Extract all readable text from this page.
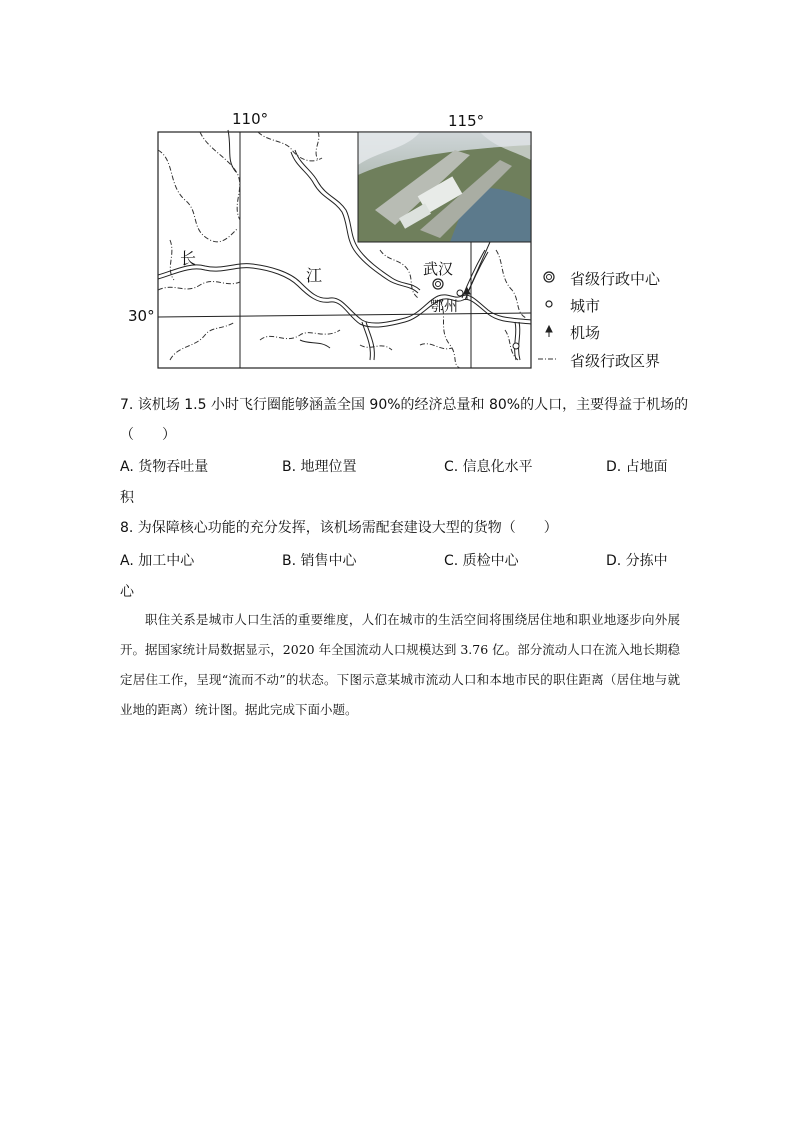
110°	115°
30°
长
江	武汉
鄂州
省级行政中心
城市
机场
省级行政区界
7. 该机场 1.5 小时飞行圈能够涵盖全国 90%的经济总量和 80%的人口，主要得益于机场的
（　　）
A. 货物吞吐量	B. 地理位置	C. 信息化水平	D. 占地面
积
8. 为保障核心功能的充分发挥，该机场需配套建设大型的货物（　　）
A. 加工中心	B. 销售中心	C. 质检中心	D. 分拣中
心
职住关系是城市人口生活的重要维度，人们在城市的生活空间将围绕居住地和职业地逐步向外展开。据国家统计局数据显示，2020 年全国流动人口规模达到 3.76 亿。部分流动人口在流入地长期稳定居住工作，呈现“流而不动”的状态。下图示意某城市流动人口和本地市民的职住距离（居住地与就业地的距离）统计图。据此完成下面小题。
